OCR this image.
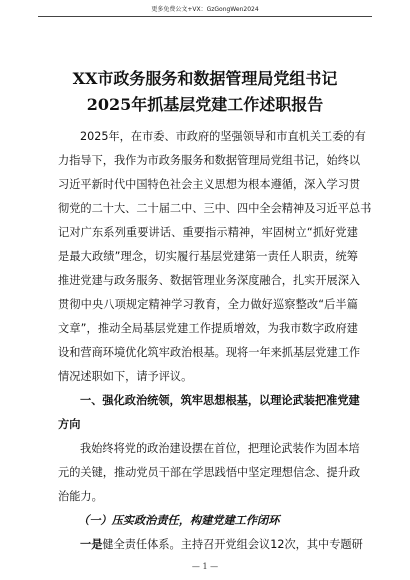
更多免费公文+VX：GzGongWen2024
XX市政务服务和数据管理局党组书记
2025年抓基层党建工作述职报告
2025年，在市委、市政府的坚强领导和市直机关工委的有
力指导下，我作为市政务服务和数据管理局党组书记，始终以
习近平新时代中国特色社会主义思想为根本遵循，深入学习贯
彻党的二十大、二十届二中、三中、四中全会精神及习近平总书
记对广东系列重要讲话、重要指示精神，牢固树立“抓好党建
是最大政绩”理念，切实履行基层党建第一责任人职责，统筹
推进党建与政务服务、数据管理业务深度融合，扎实开展深入
贯彻中央八项规定精神学习教育，全力做好巡察整改“后半篇
文章”，推动全局基层党建工作提质增效，为我市数字政府建
设和营商环境优化筑牢政治根基。现将一年来抓基层党建工作
情况述职如下，请予评议。
一、强化政治统领，筑牢思想根基，以理论武装把准党建
方向
我始终将党的政治建设摆在首位，把理论武装作为固本培
元的关键，推动党员干部在学思践悟中坚定理想信念、提升政
治能力。
（一）压实政治责任，构建党建工作闭环
一是健全责任体系。主持召开党组会议12次，其中专题研
— 1 —
